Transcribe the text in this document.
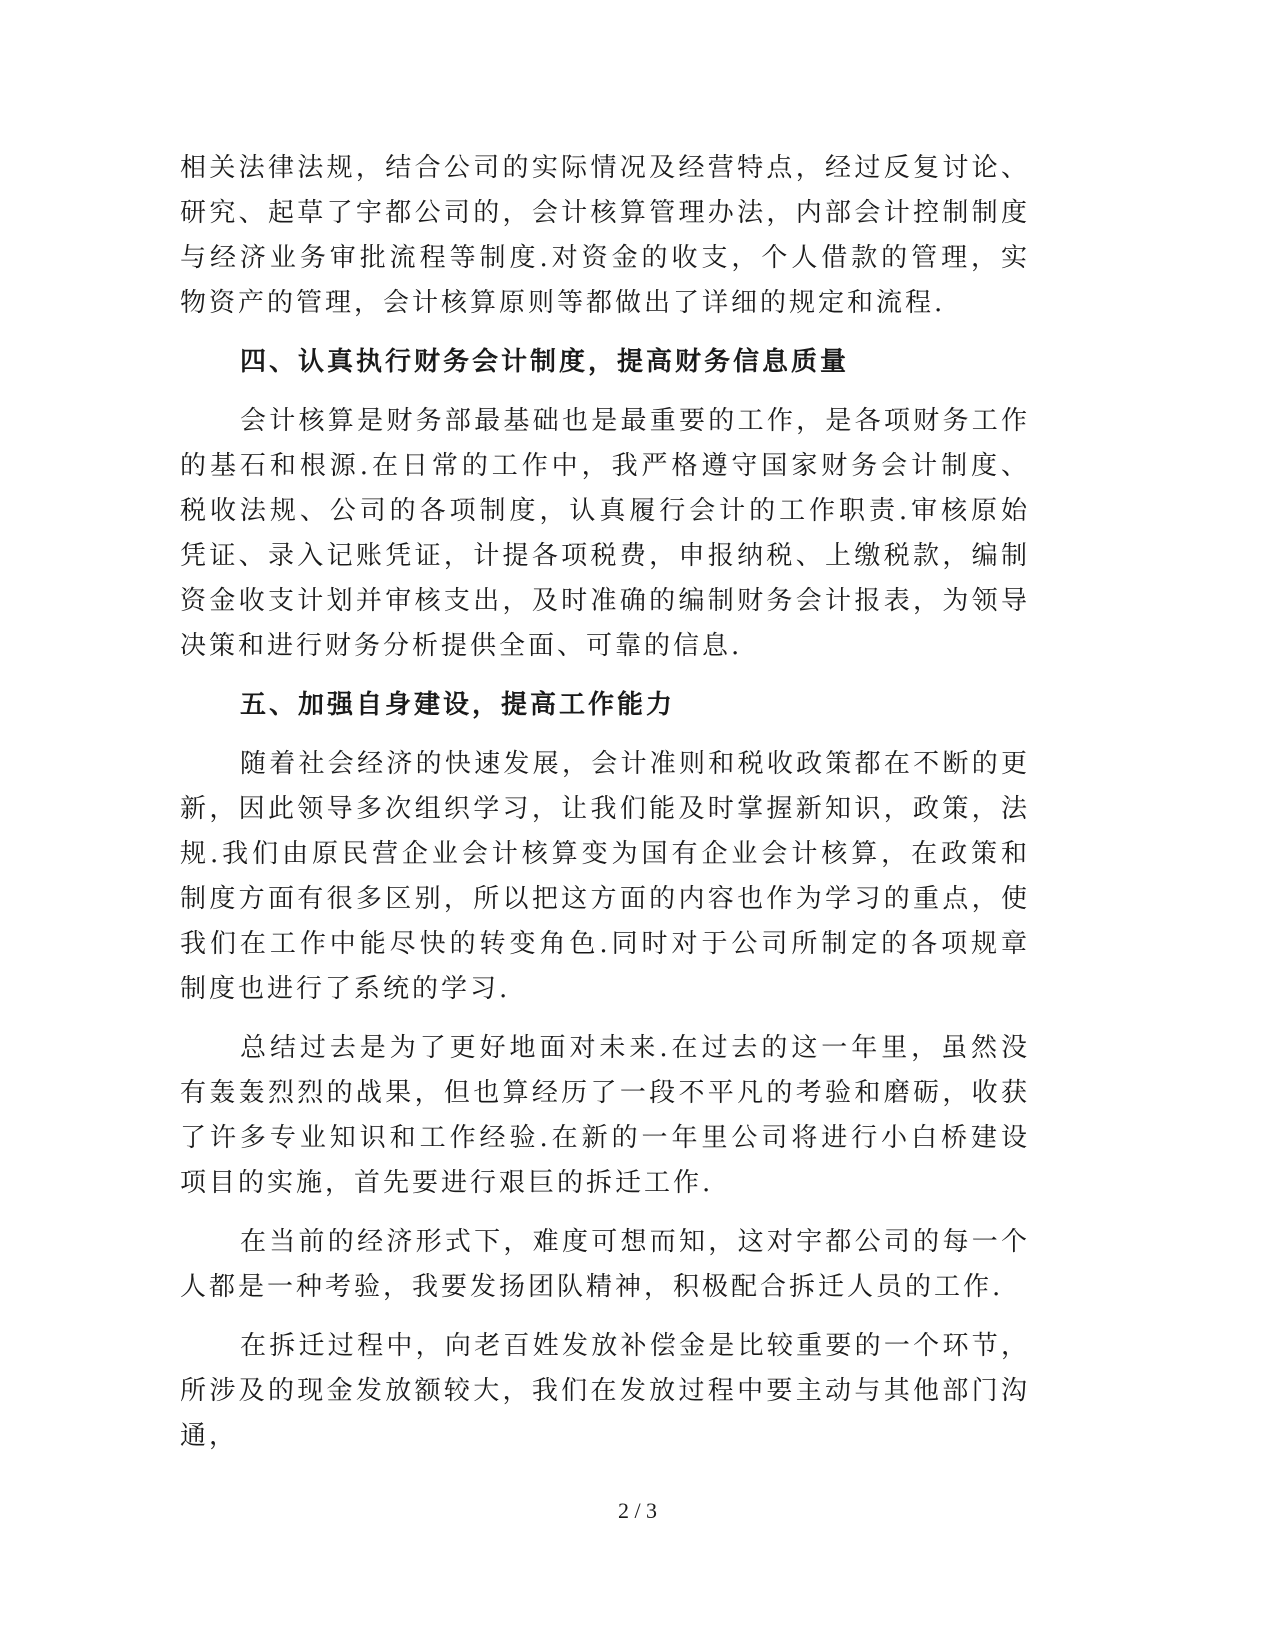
相关法律法规，结合公司的实际情况及经营特点，经过反复讨论、研究、起草了宇都公司的，会计核算管理办法，内部会计控制制度与经济业务审批流程等制度.对资金的收支，个人借款的管理，实物资产的管理，会计核算原则等都做出了详细的规定和流程.

四、认真执行财务会计制度，提高财务信息质量

会计核算是财务部最基础也是最重要的工作，是各项财务工作的基石和根源.在日常的工作中，我严格遵守国家财务会计制度、税收法规、公司的各项制度，认真履行会计的工作职责.审核原始凭证、录入记账凭证，计提各项税费，申报纳税、上缴税款，编制资金收支计划并审核支出，及时准确的编制财务会计报表，为领导决策和进行财务分析提供全面、可靠的信息.

五、加强自身建设，提高工作能力

随着社会经济的快速发展，会计准则和税收政策都在不断的更新，因此领导多次组织学习，让我们能及时掌握新知识，政策，法规.我们由原民营企业会计核算变为国有企业会计核算，在政策和制度方面有很多区别，所以把这方面的内容也作为学习的重点，使我们在工作中能尽快的转变角色.同时对于公司所制定的各项规章制度也进行了系统的学习.

总结过去是为了更好地面对未来.在过去的这一年里，虽然没有轰轰烈烈的战果，但也算经历了一段不平凡的考验和磨砺，收获了许多专业知识和工作经验.在新的一年里公司将进行小白桥建设项目的实施，首先要进行艰巨的拆迁工作.

在当前的经济形式下，难度可想而知，这对宇都公司的每一个人都是一种考验，我要发扬团队精神，积极配合拆迁人员的工作.

在拆迁过程中，向老百姓发放补偿金是比较重要的一个环节，所涉及的现金发放额较大，我们在发放过程中要主动与其他部门沟通，

2 / 3
